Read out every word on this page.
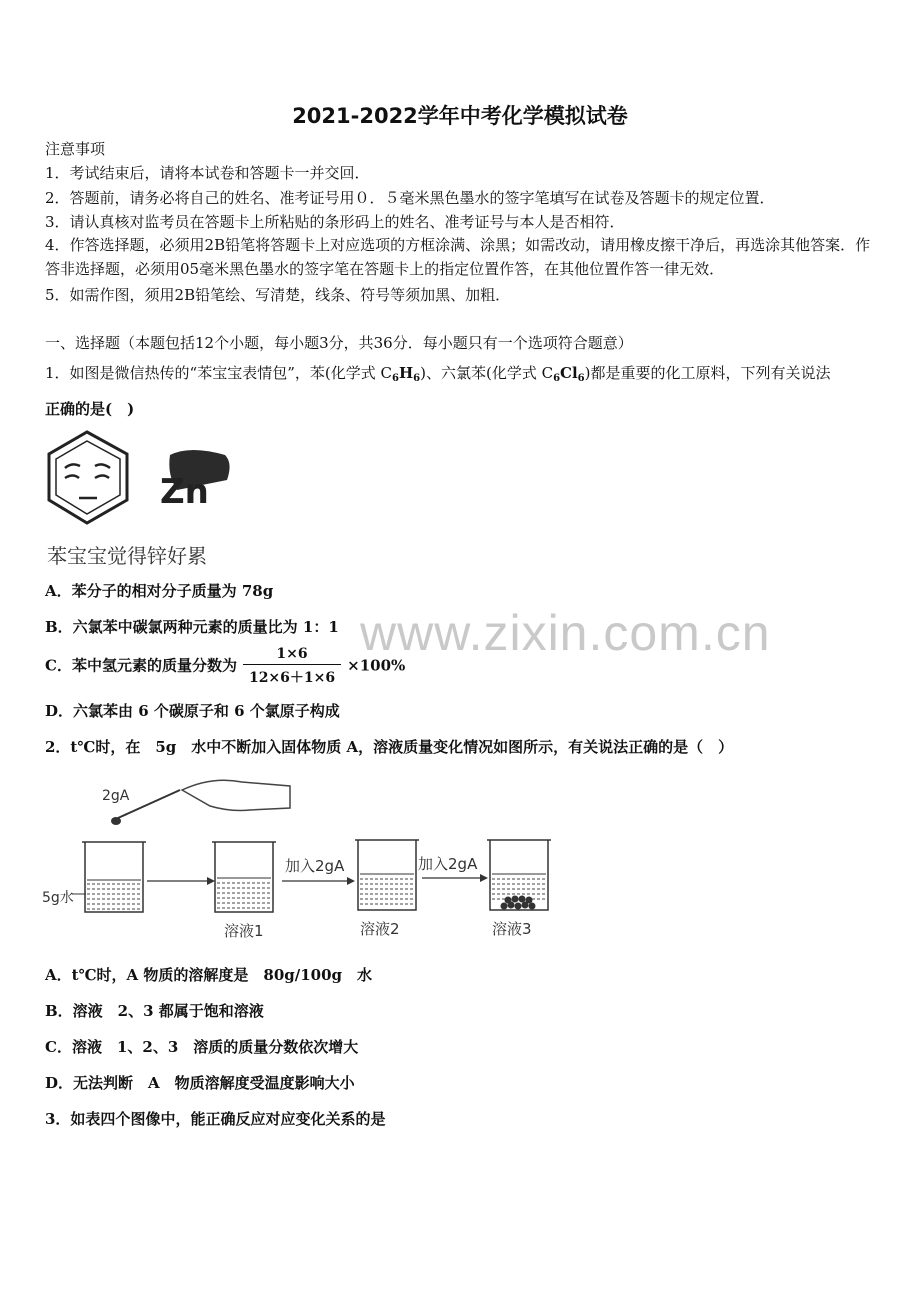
2021-2022学年中考化学模拟试卷
注意事项
1．考试结束后，请将本试卷和答题卡一并交回．
2．答题前，请务必将自己的姓名、准考证号用０．５毫米黑色墨水的签字笔填写在试卷及答题卡的规定位置．
3．请认真核对监考员在答题卡上所粘贴的条形码上的姓名、准考证号与本人是否相符．
4．作答选择题，必须用2B铅笔将答题卡上对应选项的方框涂满、涂黑；如需改动，请用橡皮擦干净后，再选涂其他答案．作答非选择题，必须用05毫米黑色墨水的签字笔在答题卡上的指定位置作答，在其他位置作答一律无效．
5．如需作图，须用2B铅笔绘、写清楚，线条、符号等须加黑、加粗．
一、选择题（本题包括12个小题，每小题3分，共36分．每小题只有一个选项符合题意）
1．如图是微信热传的“苯宝宝表情包”，苯(化学式 $C_6H_6$)、六氯苯(化学式 $C_6Cl_6$)都是重要的化工原料，下列有关说法
正确的是(　)
Zn
苯宝宝觉得锌好累
A．苯分子的相对分子质量为 78g
B．六氯苯中碳氯两种元素的质量比为 1：1
C．苯中氢元素的质量分数为 $\frac{1\times 6}{12\times 6+1\times 6} \times 100\%$
D．六氯苯由 6 个碳原子和 6 个氯原子构成
www.zixin.com.cn
2．t℃时，在　5g　水中不断加入固体物质 A，溶液质量变化情况如图所示，有关说法正确的是（　）
2gA
5g水
溶液1
加入2gA
溶液2
加入2gA
溶液3
A．t℃时，A 物质的溶解度是　80g/100g　水
B．溶液　2、3 都属于饱和溶液
C．溶液　1、2、3　溶质的质量分数依次增大
D．无法判断　A　物质溶解度受温度影响大小
3．如表四个图像中，能正确反应对应变化关系的是
